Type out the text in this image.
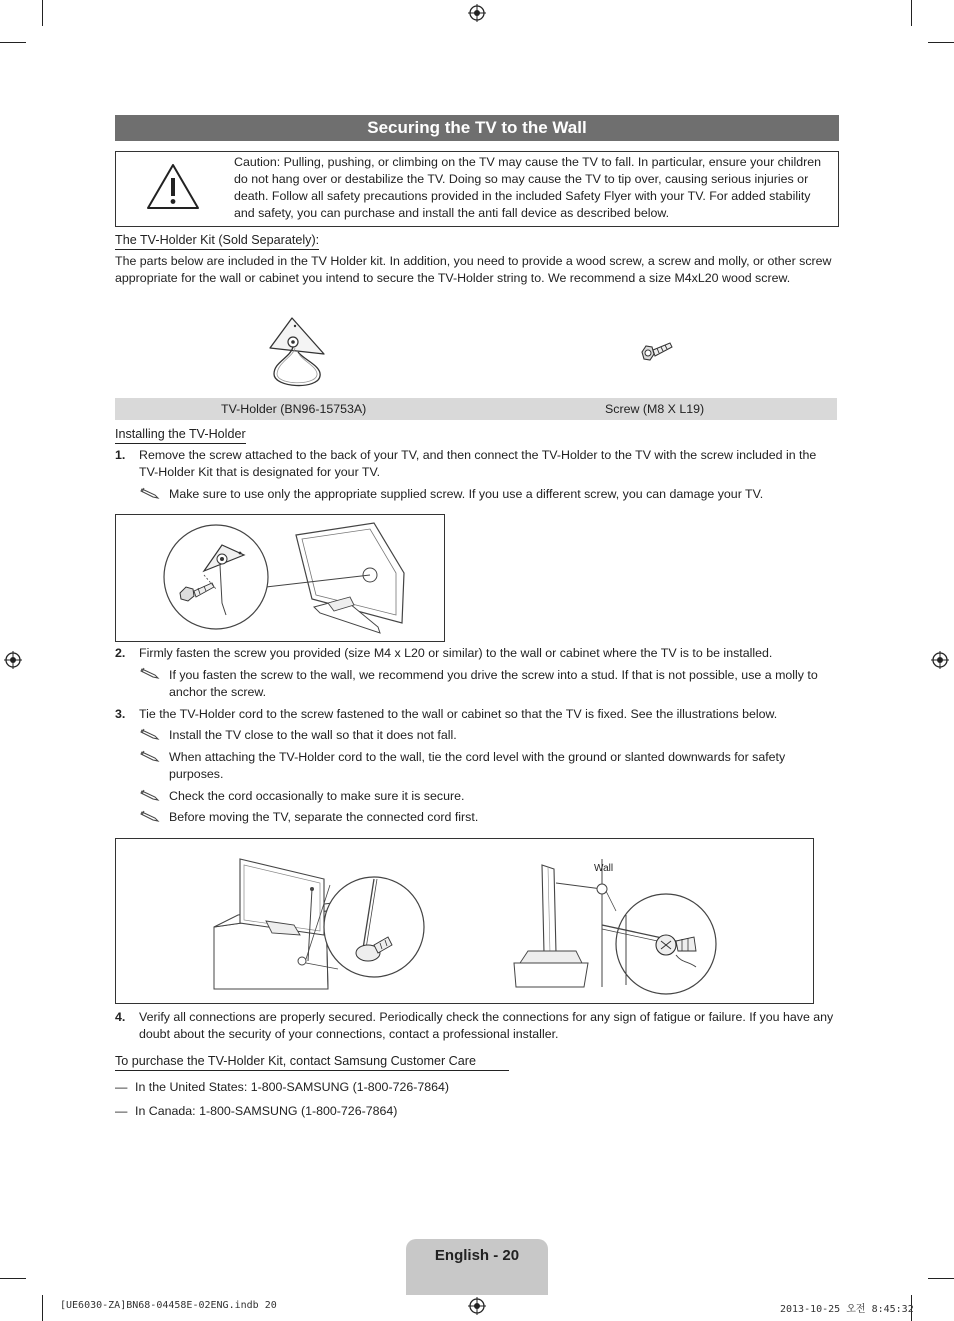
Securing the TV to the Wall
Caution: Pulling, pushing, or climbing on the TV may cause the TV to fall. In particular, ensure your children do not hang over or destabilize the TV. Doing so may cause the TV to tip over, causing serious injuries or death. Follow all safety precautions provided in the included Safety Flyer with your TV. For added stability and safety, you can purchase and install the anti fall device as described below.
The TV-Holder Kit (Sold Separately):
The parts below are included in the TV Holder kit. In addition, you need to provide a wood screw, a screw and molly, or other screw appropriate for the wall or cabinet you intend to secure the TV-Holder string to. We recommend a size M4xL20 wood screw.
TV-Holder (BN96-15753A)	Screw (M8 X L19)
Installing the TV-Holder
1. Remove the screw attached to the back of your TV, and then connect the TV-Holder to the TV with the screw included in the TV-Holder Kit that is designated for your TV.
Make sure to use only the appropriate supplied screw. If you use a different screw, you can damage your TV.
2. Firmly fasten the screw you provided (size M4 x L20 or similar) to the wall or cabinet where the TV is to be installed.
If you fasten the screw to the wall, we recommend you drive the screw into a stud. If that is not possible, use a molly to anchor the screw.
3. Tie the TV-Holder cord to the screw fastened to the wall or cabinet so that the TV is fixed. See the illustrations below.
Install the TV close to the wall so that it does not fall.
When attaching the TV-Holder cord to the wall, tie the cord level with the ground or slanted downwards for safety purposes.
Check the cord occasionally to make sure it is secure.
Before moving the TV, separate the connected cord first.
Wall
4. Verify all connections are properly secured. Periodically check the connections for any sign of fatigue or failure. If you have any doubt about the security of your connections, contact a professional installer.
To purchase the TV-Holder Kit, contact Samsung Customer Care
— In the United States: 1-800-SAMSUNG (1-800-726-7864)
— In Canada: 1-800-SAMSUNG (1-800-726-7864)
English - 20
[UE6030-ZA]BN68-04458E-02ENG.indb 20	2013-10-25 오전 8:45:32
